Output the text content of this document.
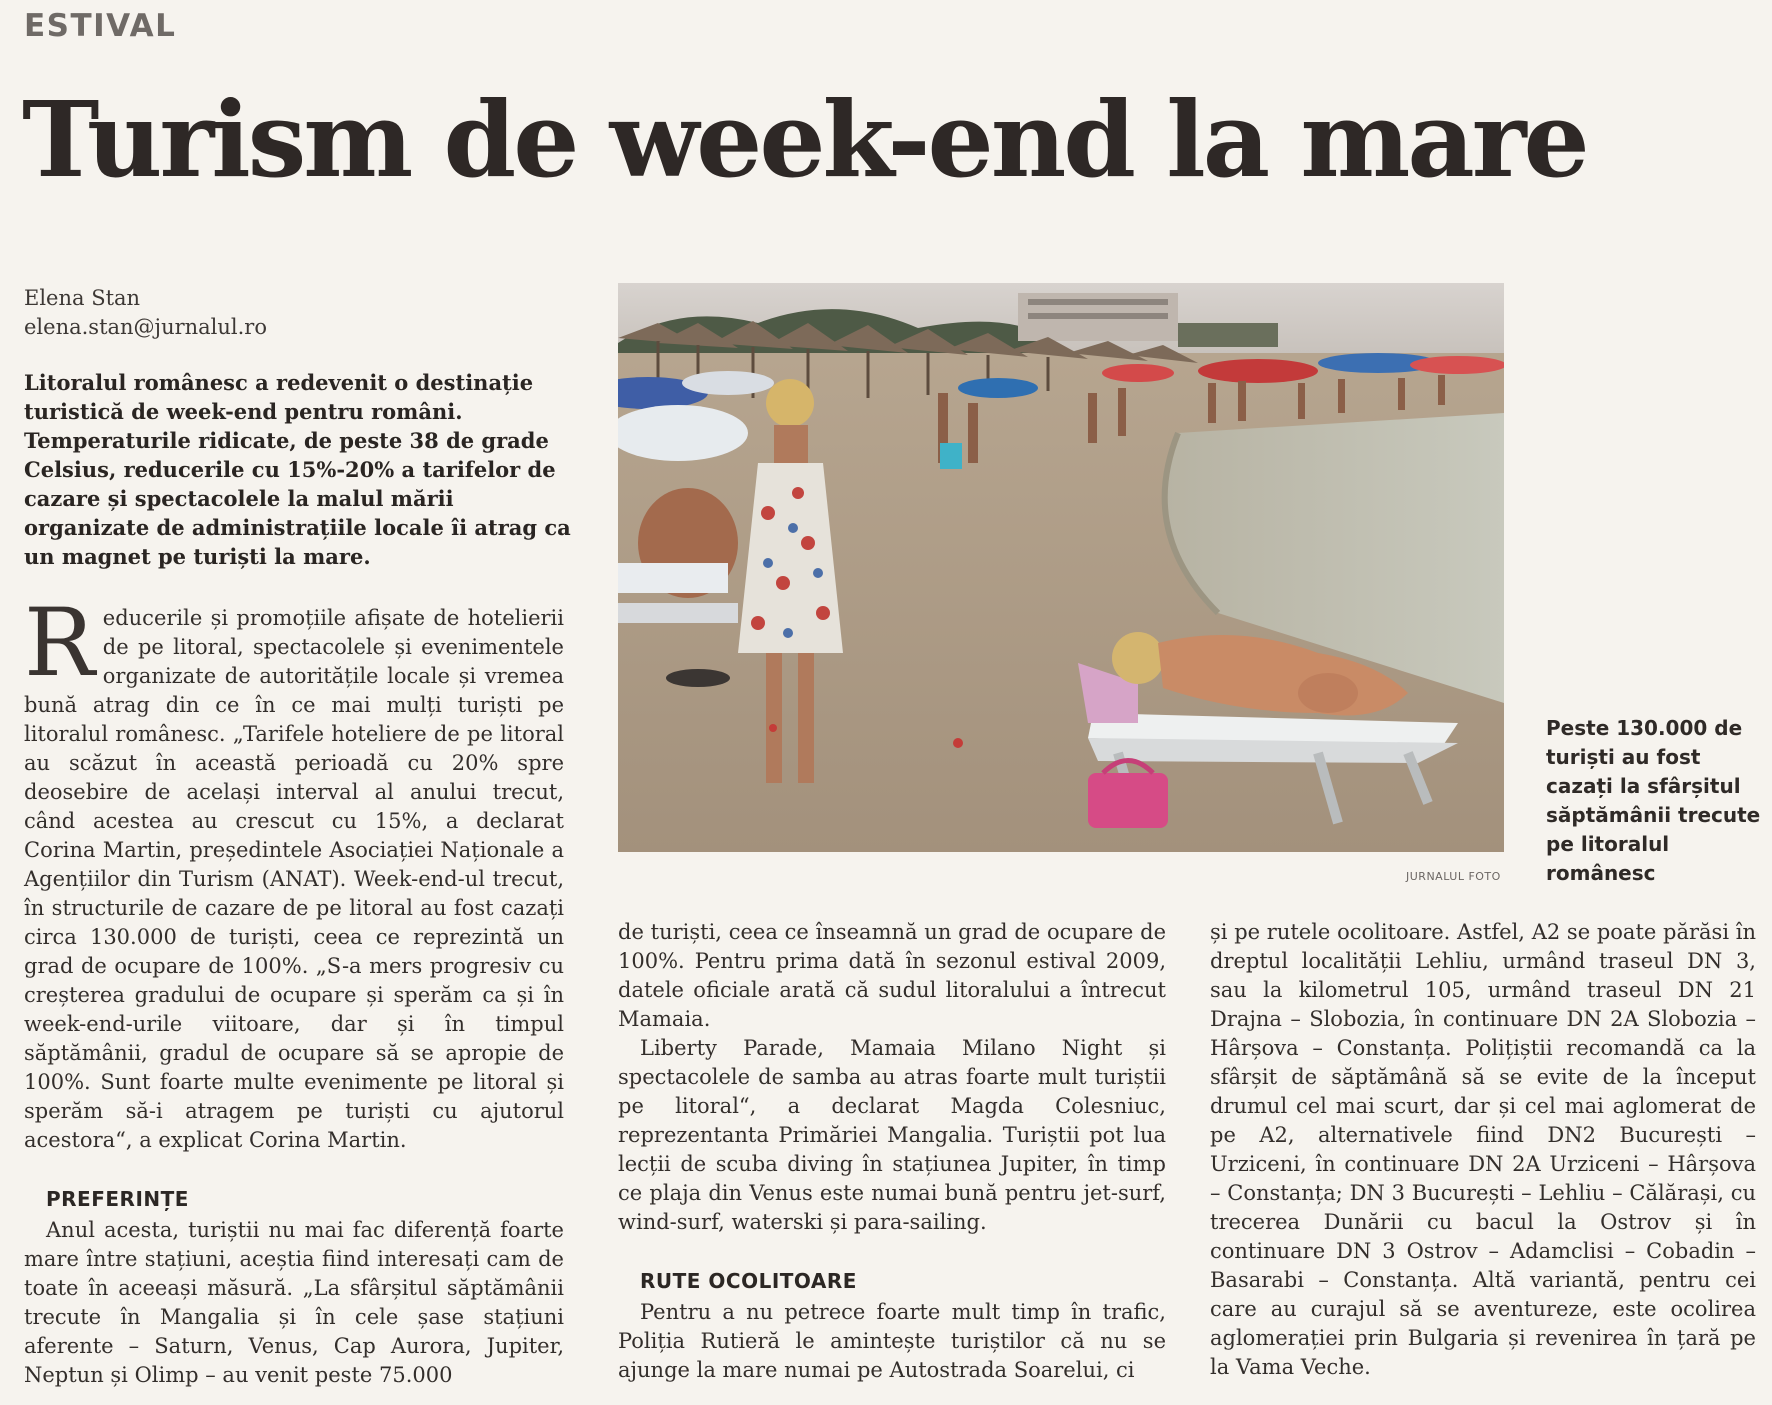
ESTIVAL
Turism de week-end la mare
Elena Stan
elena.stan@jurnalul.ro

Litoralul românesc a redevenit o destinație turistică de week-end pentru români. Temperaturile ridicate, de peste 38 de grade Celsius, reducerile cu 15%-20% a tarifelor de cazare și spectacolele la malul mării organizate de administrațiile locale îi atrag ca un magnet pe turiști la mare.

Reducerile și promoțiile afișate de hotelierii de pe litoral, spectacolele și evenimentele organizate de autoritățile locale și vremea bună atrag din ce în ce mai mulți turiști pe litoralul românesc. „Tarifele hoteliere de pe litoral au scăzut în această perioadă cu 20% spre deosebire de același interval al anului trecut, când acestea au crescut cu 15%, a declarat Corina Martin, președintele Asociației Naționale a Agențiilor din Turism (ANAT). Week-end-ul trecut, în structurile de cazare de pe litoral au fost cazați circa 130.000 de turiști, ceea ce reprezintă un grad de ocupare de 100%. „S-a mers progresiv cu creșterea gradului de ocupare și sperăm ca și în week-end-urile viitoare, dar și în timpul săptămânii, gradul de ocupare să se apropie de 100%. Sunt foarte multe evenimente pe litoral și sperăm să-i atragem pe turiști cu ajutorul acestora“, a explicat Corina Martin.

PREFERINȚE

Anul acesta, turiștii nu mai fac diferență foarte mare între stațiuni, aceștia fiind interesați cam de toate în aceeași măsură. „La sfârșitul săptămânii trecute în Mangalia și în cele șase stațiuni aferente – Saturn, Venus, Cap Aurora, Jupiter, Neptun și Olimp – au venit peste 75.000

JURNALUL FOTO

Peste 130.000 de turiști au fost cazați la sfârșitul săptămânii trecute pe litoralul românesc

de turiști, ceea ce înseamnă un grad de ocupare de 100%. Pentru prima dată în sezonul estival 2009, datele oficiale arată că sudul litoralului a întrecut Mamaia.

Liberty Parade, Mamaia Milano Night și spectacolele de samba au atras foarte mult turiștii pe litoral“, a declarat Magda Colesniuc, reprezentanta Primăriei Mangalia. Turiștii pot lua lecții de scuba diving în stațiunea Jupiter, în timp ce plaja din Venus este numai bună pentru jet-surf, wind-surf, waterski și para-sailing.

RUTE OCOLITOARE

Pentru a nu petrece foarte mult timp în trafic, Poliția Rutieră le amintește turiștilor că nu se ajunge la mare numai pe Autostrada Soarelui, ci

și pe rutele ocolitoare. Astfel, A2 se poate părăsi în dreptul localității Lehliu, urmând traseul DN 3, sau la kilometrul 105, urmând traseul DN 21 Drajna – Slobozia, în continuare DN 2A Slobozia – Hârșova – Constanța. Polițiștii recomandă ca la sfârșit de săptămână să se evite de la început drumul cel mai scurt, dar și cel mai aglomerat de pe A2, alternativele fiind DN2 București – Urziceni, în continuare DN 2A Urziceni – Hârșova – Constanța; DN 3 București – Lehliu – Călărași, cu trecerea Dunării cu bacul la Ostrov și în continuare DN 3 Ostrov – Adamclisi – Cobadin – Basarabi – Constanța. Altă variantă, pentru cei care au curajul să se aventureze, este ocolirea aglomerației prin Bulgaria și revenirea în țară pe la Vama Veche.
